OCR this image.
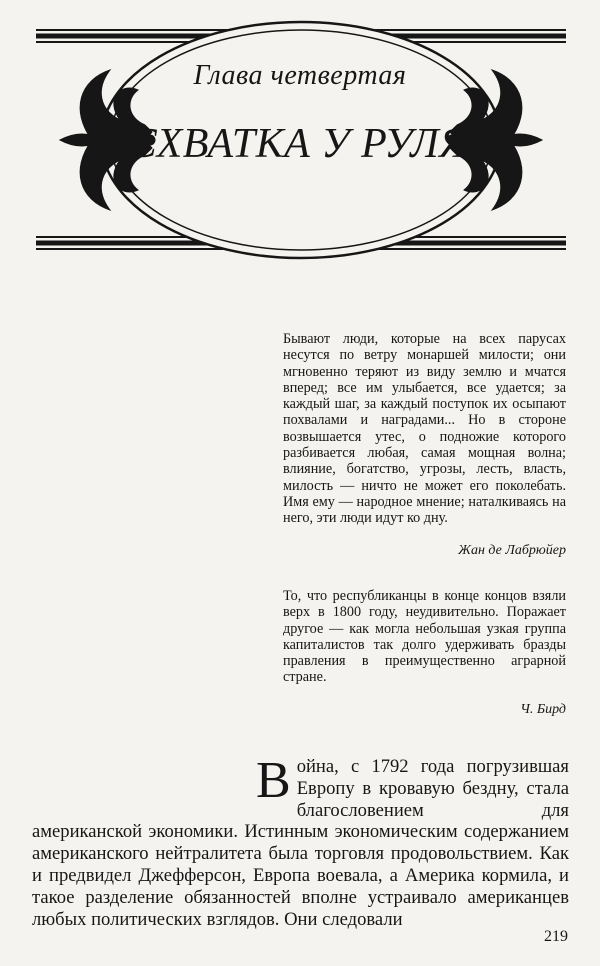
Глава четвертая
СХВАТКА У РУЛЯ

Бывают люди, которые на всех парусах несутся по ветру монаршей милости; они мгновенно теряют из виду землю и мчатся вперед; все им улыбается, все удается; за каждый шаг, за каждый поступок их осыпают похвалами и наградами... Но в стороне возвышается утес, о подножие которого разбивается любая, самая мощная волна; влияние, богатство, угрозы, лесть, власть, милость — ничто не может его поколебать. Имя ему — народное мнение; наталкиваясь на него, эти люди идут ко дну.

Жан де Лабрюйер

То, что республиканцы в конце концов взяли верх в 1800 году, неудивительно. Поражает другое — как могла небольшая узкая группа капиталистов так долго удерживать бразды правления в преимущественно аграрной стране.

Ч. Бирд

В ойна, с 1792 года погрузившая Европу в кровавую бездну, стала благословением для американской экономики. Истинным экономическим содержанием американского нейтралитета была торговля продовольствием. Как и предвидел Джефферсон, Европа воевала, а Америка кормила, и такое разделение обязанностей вполне устраивало американцев любых политических взглядов. Они следовали

219
